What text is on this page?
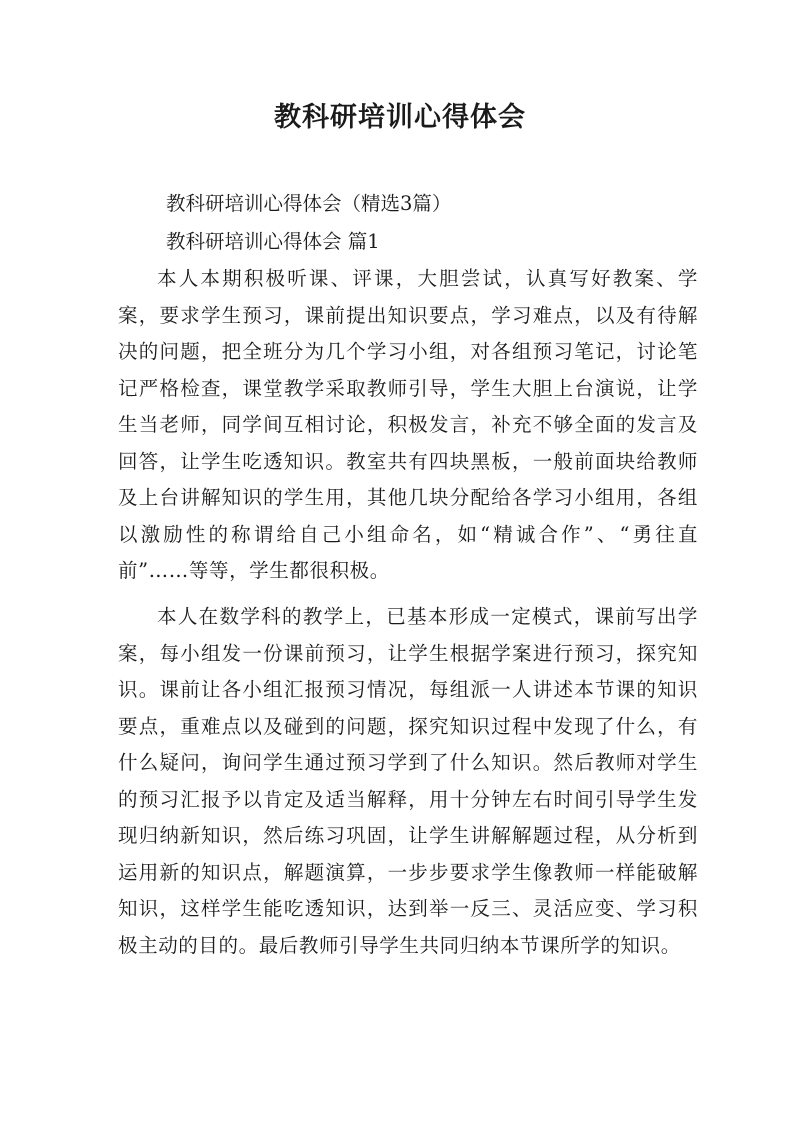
教科研培训心得体会
教科研培训心得体会（精选3篇）
教科研培训心得体会 篇1

本人本期积极听课、评课，大胆尝试，认真写好教案、学案，要求学生预习，课前提出知识要点，学习难点，以及有待解决的问题，把全班分为几个学习小组，对各组预习笔记，讨论笔记严格检查，课堂教学采取教师引导，学生大胆上台演说，让学生当老师，同学间互相讨论，积极发言，补充不够全面的发言及回答，让学生吃透知识。教室共有四块黑板，一般前面块给教师及上台讲解知识的学生用，其他几块分配给各学习小组用，各组以激励性的称谓给自己小组命名，如“精诚合作”、“勇往直前”……等等，学生都很积极。

本人在数学科的教学上，已基本形成一定模式，课前写出学案，每小组发一份课前预习，让学生根据学案进行预习，探究知识。课前让各小组汇报预习情况，每组派一人讲述本节课的知识要点，重难点以及碰到的问题，探究知识过程中发现了什么，有什么疑问，询问学生通过预习学到了什么知识。然后教师对学生的预习汇报予以肯定及适当解释，用十分钟左右时间引导学生发现归纳新知识，然后练习巩固，让学生讲解解题过程，从分析到运用新的知识点，解题演算，一步步要求学生像教师一样能破解知识，这样学生能吃透知识，达到举一反三、灵活应变、学习积极主动的目的。最后教师引导学生共同归纳本节课所学的知识。
